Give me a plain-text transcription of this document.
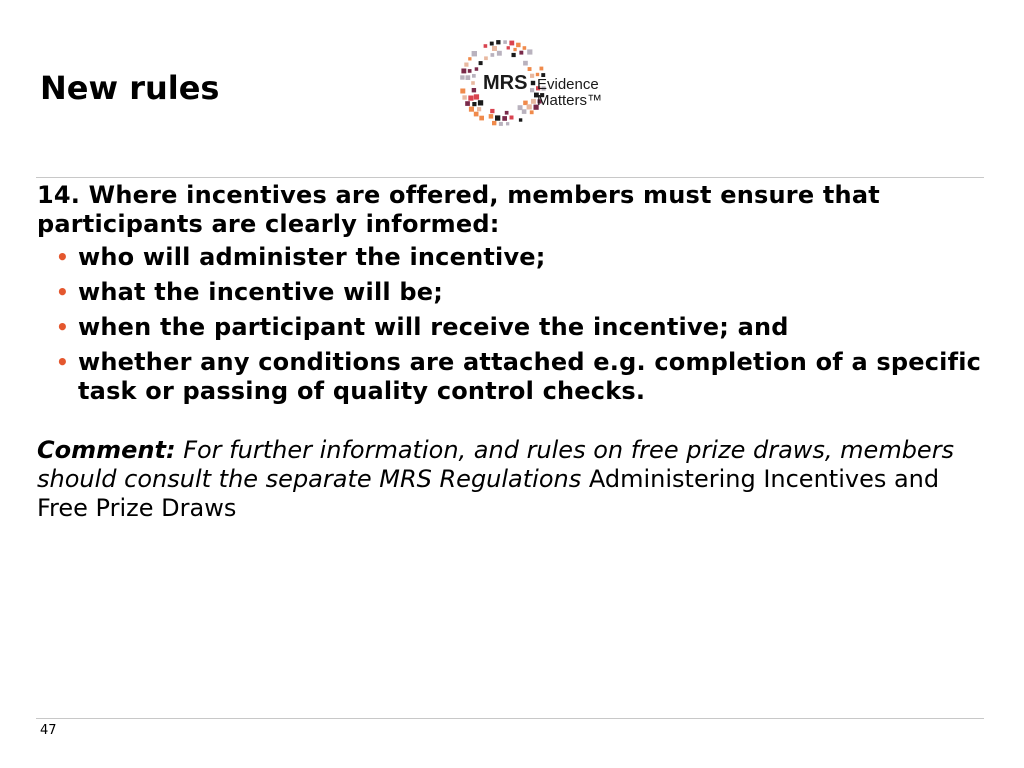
New rules	MRS Evidence
Matters™

14. Where incentives are offered, members must ensure that participants are clearly informed:

• who will administer the incentive;
• what the incentive will be;
• when the participant will receive the incentive; and
• whether any conditions are attached e.g. completion of a specific task or passing of quality control checks.

Comment: For further information, and rules on free prize draws, members should consult the separate MRS Regulations Administering Incentives and Free Prize Draws

47
